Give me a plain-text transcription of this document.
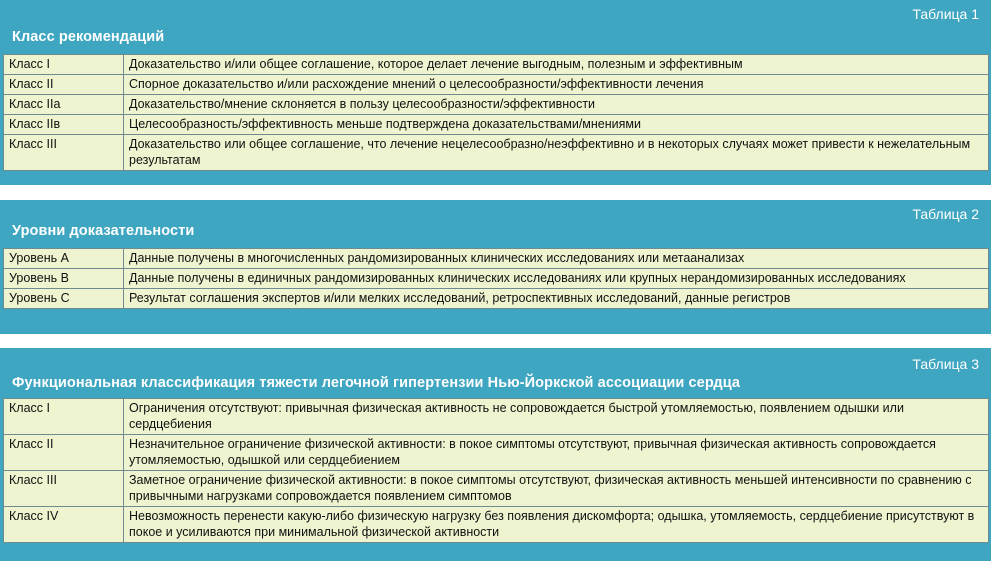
Таблица 1
Класс рекомендаций
Класс I	Доказательство и/или общее соглашение, которое делает лечение выгодным, полезным и эффективным
Класс II	Спорное доказательство и/или расхождение мнений о целесообразности/эффективности лечения
Класс IIa	Доказательство/мнение склоняется в пользу целесообразности/эффективности
Класс IIв	Целесообразность/эффективность меньше подтверждена доказательствами/мнениями
Класс III	Доказательство или общее соглашение, что лечение нецелесообразно/неэффективно и в некоторых случаях может привести к нежелательным результатам
Таблица 2
Уровни доказательности
Уровень А	Данные получены в многочисленных рандомизированных клинических исследованиях или метаанализах
Уровень В	Данные получены в единичных рандомизированных клинических исследованиях или крупных нерандомизированных исследованиях
Уровень С	Результат соглашения экспертов и/или мелких исследований, ретроспективных исследований, данные регистров
Таблица 3
Функциональная классификация тяжести легочной гипертензии Нью-Йоркской ассоциации сердца
Класс I	Ограничения отсутствуют: привычная физическая активность не сопровождается быстрой утомляемостью, появлением одышки или сердцебиения
Класс II	Незначительное ограничение физической активности: в покое симптомы отсутствуют, привычная физическая активность сопровождается утомляемостью, одышкой или сердцебиением
Класс III	Заметное ограничение физической активности: в покое симптомы отсутствуют, физическая активность меньшей интенсивности по сравнению с привычными нагрузками сопровождается появлением симптомов
Класс IV	Невозможность перенести какую-либо физическую нагрузку без появления дискомфорта; одышка, утомляемость, сердцебиение присутствуют в покое и усиливаются при минимальной физической активности
